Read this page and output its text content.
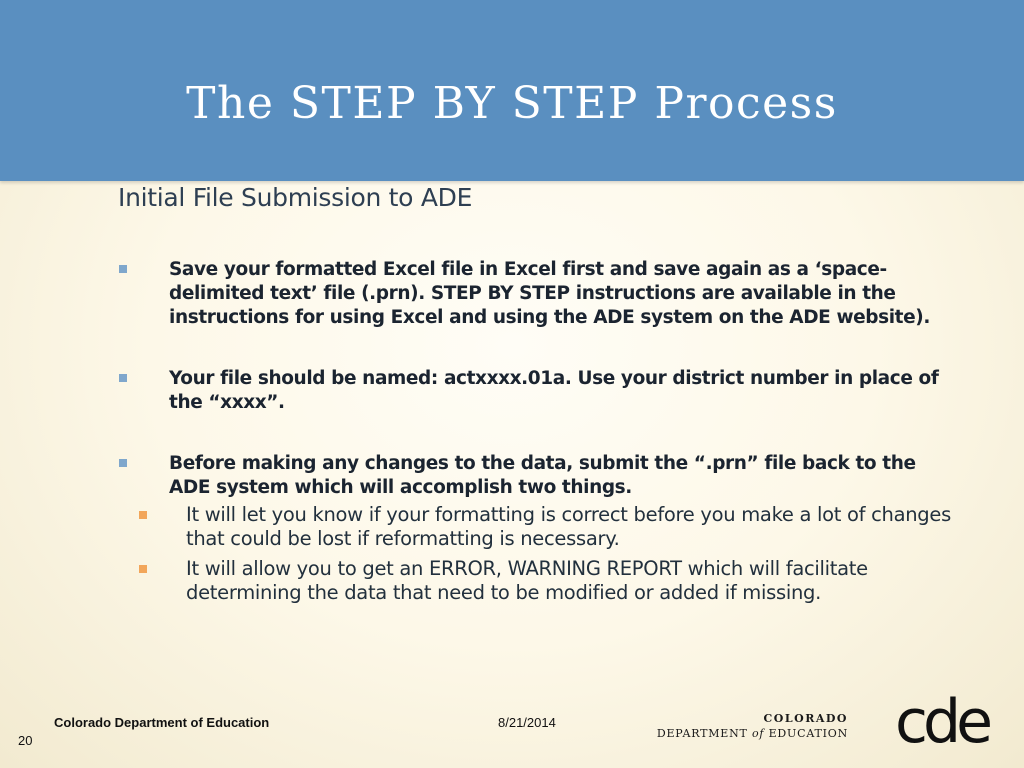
The STEP BY STEP Process
Initial File Submission to ADE
Save your formatted Excel file in Excel first and save again as a ‘space-delimited text’ file (.prn). STEP BY STEP instructions are available in the instructions for using Excel and using the ADE system on the ADE website).
Your file should be named: actxxxx.01a. Use your district number in place of the “xxxx”.
Before making any changes to the data, submit the “.prn” file back to the ADE system which will accomplish two things.
It will let you know if your formatting is correct before you make a lot of changes that could be lost if reformatting is necessary.
It will allow you to get an ERROR, WARNING REPORT which will facilitate determining the data that need to be modified or added if missing.
Colorado Department of Education	8/21/2014
20
COLORADO
DEPARTMENT of EDUCATION cde
